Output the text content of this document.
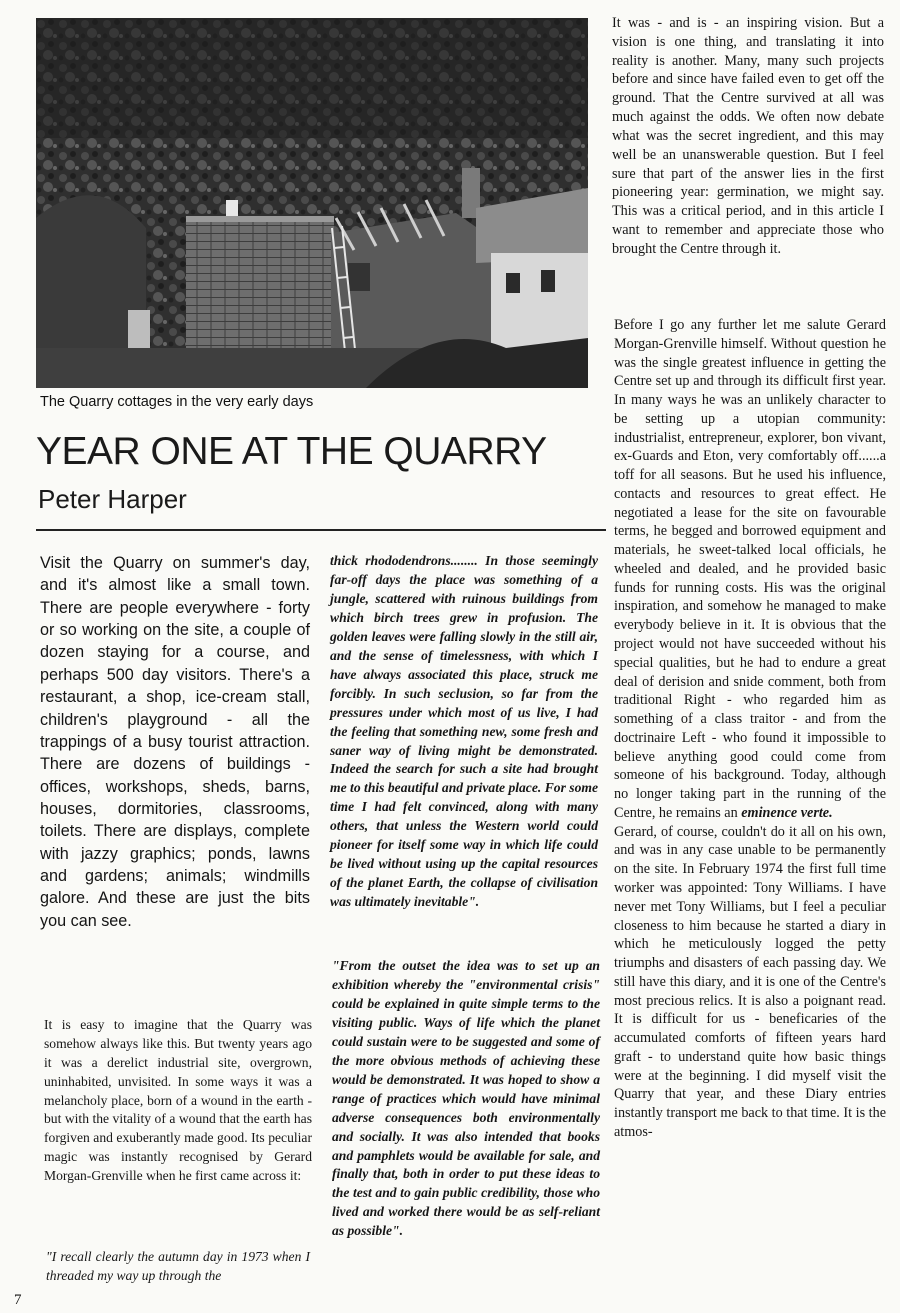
The Quarry cottages in the very early days
YEAR ONE AT THE QUARRY
Peter Harper

Visit the Quarry on summer's day, and it's almost like a small town. There are people everywhere - forty or so working on the site, a couple of dozen staying for a course, and perhaps 500 day visitors. There's a restaurant, a shop, ice-cream stall, children's playground - all the trappings of a busy tourist attraction. There are dozens of buildings - offices, workshops, sheds, barns, houses, dormitories, classrooms, toilets. There are displays, complete with jazzy graphics; ponds, lawns and gardens; animals; windmills galore. And these are just the bits you can see.

It is easy to imagine that the Quarry was somehow always like this. But twenty years ago it was a derelict industrial site, overgrown, uninhabited, unvisited. In some ways it was a melancholy place, born of a wound in the earth - but with the vitality of a wound that the earth has forgiven and exuberantly made good. Its peculiar magic was instantly recognised by Gerard Morgan-Grenville when he first came across it:

"I recall clearly the autumn day in 1973 when I threaded my way up through the

thick rhododendrons........ In those seemingly far-off days the place was something of a jungle, scattered with ruinous buildings from which birch trees grew in profusion. The golden leaves were falling slowly in the still air, and the sense of timelessness, with which I have always associated this place, struck me forcibly. In such seclusion, so far from the pressures under which most of us live, I had the feeling that something new, some fresh and saner way of living might be demonstrated. Indeed the search for such a site had brought me to this beautiful and private place. For some time I had felt convinced, along with many others, that unless the Western world could pioneer for itself some way in which life could be lived without using up the capital resources of the planet Earth, the collapse of civilisation was ultimately inevitable".

"From the outset the idea was to set up an exhibition whereby the "environmental crisis" could be explained in quite simple terms to the visiting public. Ways of life which the planet could sustain were to be suggested and some of the more obvious methods of achieving these would be demonstrated. It was hoped to show a range of practices which would have minimal adverse consequences both environmentally and socially. It was also intended that books and pamphlets would be available for sale, and finally that, both in order to put these ideas to the test and to gain public credibility, those who lived and worked there would be as self-reliant as possible".

It was - and is - an inspiring vision. But a vision is one thing, and translating it into reality is another. Many, many such projects before and since have failed even to get off the ground. That the Centre survived at all was much against the odds. We often now debate what was the secret ingredient, and this may well be an unanswerable question. But I feel sure that part of the answer lies in the first pioneering year: germination, we might say. This was a critical period, and in this article I want to remember and appreciate those who brought the Centre through it.

Before I go any further let me salute Gerard Morgan-Grenville himself. Without question he was the single greatest influence in getting the Centre set up and through its difficult first year. In many ways he was an unlikely character to be setting up a utopian community: industrialist, entrepreneur, explorer, bon vivant, ex-Guards and Eton, very comfortably off......a toff for all seasons. But he used his influence, contacts and resources to great effect. He negotiated a lease for the site on favourable terms, he begged and borrowed equipment and materials, he sweet-talked local officials, he wheeled and dealed, and he provided basic funds for running costs. His was the original inspiration, and somehow he managed to make everybody believe in it. It is obvious that the project would not have succeeded without his special qualities, but he had to endure a great deal of derision and snide comment, both from traditional Right - who regarded him as something of a class traitor - and from the doctrinaire Left - who found it impossible to believe anything good could come from someone of his background. Today, although no longer taking part in the running of the Centre, he remains an eminence verte.
Gerard, of course, couldn't do it all on his own, and was in any case unable to be permanently on the site. In February 1974 the first full time worker was appointed: Tony Williams. I have never met Tony Williams, but I feel a peculiar closeness to him because he started a diary in which he meticulously logged the petty triumphs and disasters of each passing day. We still have this diary, and it is one of the Centre's most precious relics. It is also a poignant read. It is difficult for us - beneficaries of the accumulated comforts of fifteen years hard graft - to understand quite how basic things were at the beginning. I did myself visit the Quarry that year, and these Diary entries instantly transport me back to that time. It is the atmos-
7
